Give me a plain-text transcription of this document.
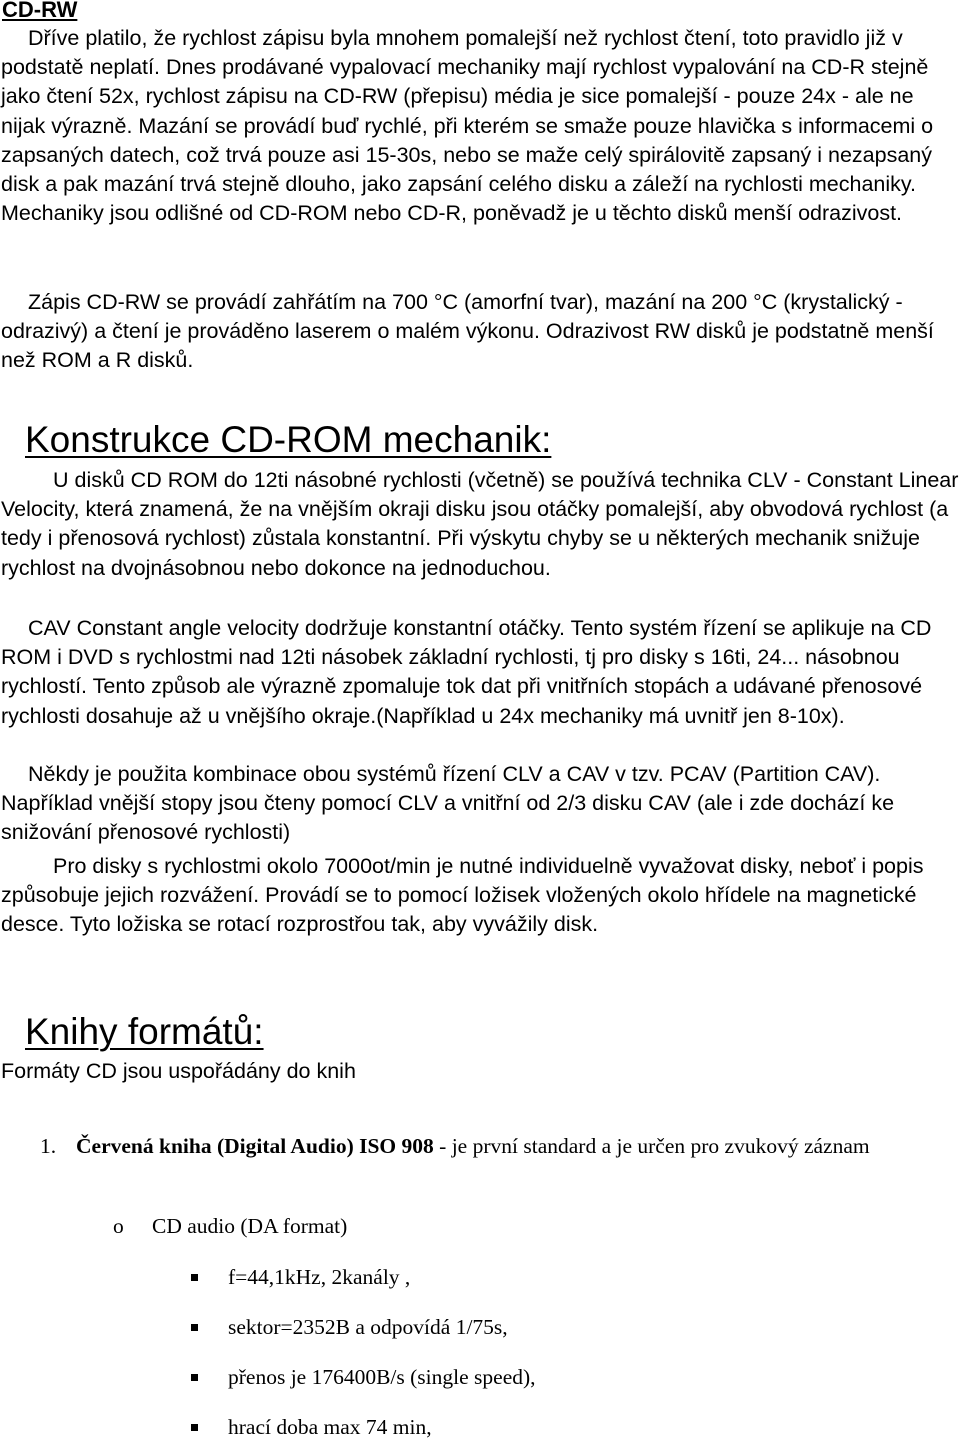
CD-RW

Dříve platilo, že rychlost zápisu byla mnohem pomalejší než rychlost čtení, toto pravidlo již v podstatě neplatí. Dnes prodávané vypalovací mechaniky mají rychlost vypalování na CD-R stejně jako čtení 52x, rychlost zápisu na CD-RW (přepisu) média je sice pomalejší - pouze 24x - ale ne nijak výrazně. Mazání se provádí buď rychlé, při kterém se smaže pouze hlavička s informacemi o zapsaných datech, což trvá pouze asi 15-30s, nebo se maže celý spirálovitě zapsaný i nezapsaný disk a pak mazání trvá stejně dlouho, jako zapsání celého disku a záleží na rychlosti mechaniky. Mechaniky jsou odlišné od CD-ROM nebo CD-R, poněvadž je u těchto disků menší odrazivost.

Zápis CD-RW se provádí zahřátím na 700 °C (amorfní tvar), mazání na 200 °C (krystalický - odrazivý) a čtení je prováděno laserem o malém výkonu. Odrazivost RW disků je podstatně menší než ROM a R disků.

Konstrukce CD-ROM mechanik:

U disků CD ROM do 12ti násobné rychlosti (včetně) se používá technika CLV - Constant Linear Velocity, která znamená, že na vnějším okraji disku jsou otáčky pomalejší, aby obvodová rychlost (a tedy i přenosová rychlost) zůstala konstantní. Při výskytu chyby se u některých mechanik snižuje rychlost na dvojnásobnou nebo dokonce na jednoduchou.

CAV Constant angle velocity dodržuje konstantní otáčky. Tento systém řízení se aplikuje na CD ROM i DVD s rychlostmi nad 12ti násobek základní rychlosti, tj pro disky s 16ti, 24... násobnou rychlostí. Tento způsob ale výrazně zpomaluje tok dat při vnitřních stopách a udávané přenosové rychlosti dosahuje až u vnějšího okraje.(Například u 24x mechaniky má uvnitř jen 8-10x).

Někdy je použita kombinace obou systémů řízení CLV a CAV v tzv. PCAV (Partition CAV). Například vnější stopy jsou čteny pomocí CLV a vnitřní od 2/3 disku CAV (ale i zde dochází ke snižování přenosové rychlosti)

Pro disky s rychlostmi okolo 7000ot/min je nutné individuelně vyvažovat disky, neboť i popis způsobuje jejich rozvážení. Provádí se to pomocí ložisek vložených okolo hřídele na magnetické desce. Tyto ložiska se rotací rozprostřou tak, aby vyvážily disk.

Knihy formátů:

Formáty CD jsou uspořádány do knih

1. Červená kniha (Digital Audio) ISO 908 - je první standard a je určen pro zvukový záznam
o CD audio (DA format)
f=44,1kHz, 2kanály ,
sektor=2352B a odpovídá 1/75s,
přenos je 176400B/s (single speed),
hrací doba max 74 min,
